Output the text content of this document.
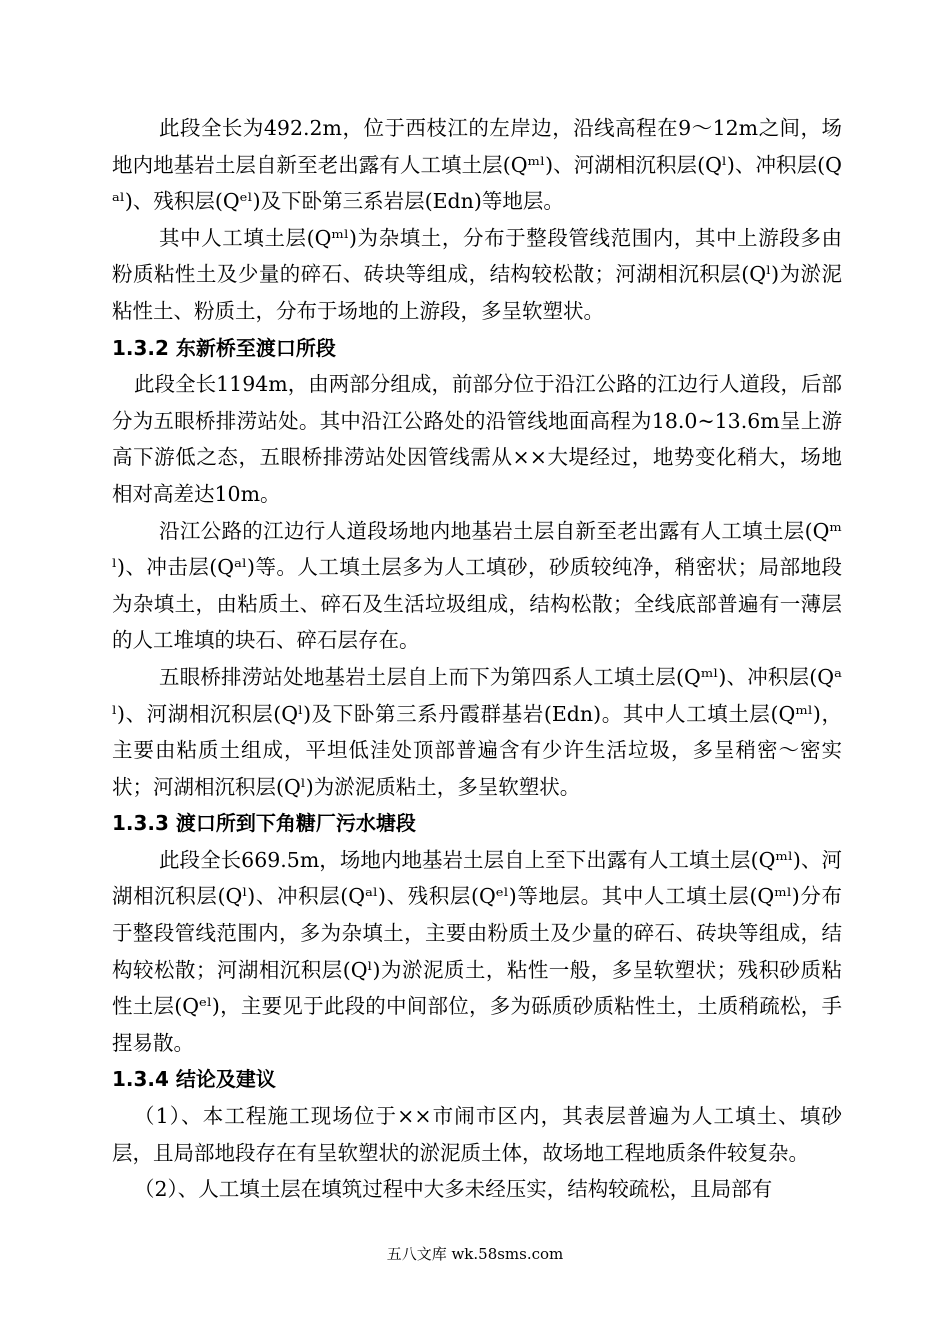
此段全长为492.2m，位于西枝江的左岸边，沿线高程在9～12m之间，场地内地基岩土层自新至老出露有人工填土层(Qᵐˡ)、河湖相沉积层(Qˡ)、冲积层(Qᵃˡ)、残积层(Qᵉˡ)及下卧第三系岩层(Edn)等地层。

其中人工填土层(Qᵐˡ)为杂填土，分布于整段管线范围内，其中上游段多由粉质粘性土及少量的碎石、砖块等组成，结构较松散；河湖相沉积层(Qˡ)为淤泥粘性土、粉质土，分布于场地的上游段，多呈软塑状。

1.3.2 东新桥至渡口所段

此段全长1194m，由两部分组成，前部分位于沿江公路的江边行人道段，后部分为五眼桥排涝站处。其中沿江公路处的沿管线地面高程为18.0~13.6m呈上游高下游低之态，五眼桥排涝站处因管线需从××大堤经过，地势变化稍大，场地相对高差达10m。

沿江公路的江边行人道段场地内地基岩土层自新至老出露有人工填土层(Qᵐˡ)、冲击层(Qᵃˡ)等。人工填土层多为人工填砂，砂质较纯净，稍密状；局部地段为杂填土，由粘质土、碎石及生活垃圾组成，结构松散；全线底部普遍有一薄层的人工堆填的块石、碎石层存在。

五眼桥排涝站处地基岩土层自上而下为第四系人工填土层(Qᵐˡ)、冲积层(Qᵃˡ)、河湖相沉积层(Qˡ)及下卧第三系丹霞群基岩(Edn)。其中人工填土层(Qᵐˡ)，主要由粘质土组成，平坦低洼处顶部普遍含有少许生活垃圾，多呈稍密～密实状；河湖相沉积层(Qˡ)为淤泥质粘土，多呈软塑状。

1.3.3 渡口所到下角糖厂污水塘段

此段全长669.5m，场地内地基岩土层自上至下出露有人工填土层(Qᵐˡ)、河湖相沉积层(Qˡ)、冲积层(Qᵃˡ)、残积层(Qᵉˡ)等地层。其中人工填土层(Qᵐˡ)分布于整段管线范围内，多为杂填土，主要由粉质土及少量的碎石、砖块等组成，结构较松散；河湖相沉积层(Qˡ)为淤泥质土，粘性一般，多呈软塑状；残积砂质粘性土层(Qᵉˡ)，主要见于此段的中间部位，多为砾质砂质粘性土，土质稍疏松，手捏易散。

1.3.4 结论及建议

（1）、本工程施工现场位于××市闹市区内，其表层普遍为人工填土、填砂层，且局部地段存在有呈软塑状的淤泥质土体，故场地工程地质条件较复杂。

（2）、人工填土层在填筑过程中大多未经压实，结构较疏松，且局部有

五八文库 wk.58sms.com
